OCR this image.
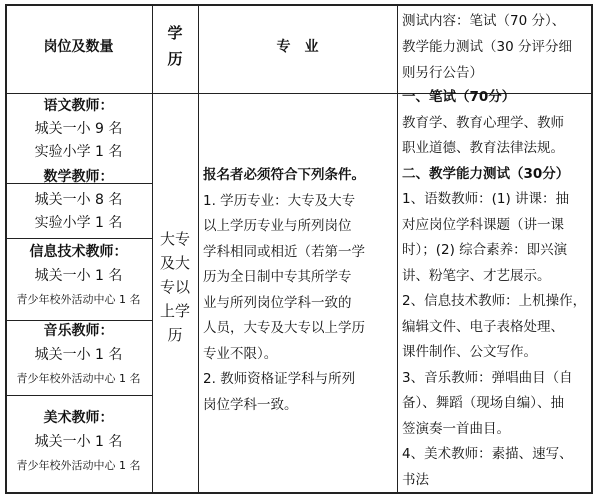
岗位及数量
学
历
专　业
测试内容：笔试（70 分）、
教学能力测试（30 分评分细
则另行公告）
语文教师：
城关一小 9 名
实验小学 1 名
数学教师：
城关一小 8 名
实验小学 1 名
信息技术教师：
城关一小 1 名
青少年校外活动中心 1 名
音乐教师：
城关一小 1 名
青少年校外活动中心 1 名
美术教师：
城关一小 1 名
青少年校外活动中心 1 名
大专
及大
专以
上学
历
报名者必须符合下列条件。
1. 学历专业：大专及大专
以上学历专业与所列岗位
学科相同或相近（若第一学
历为全日制中专其所学专
业与所列岗位学科一致的
人员，大专及大专以上学历
专业不限）。
2. 教师资格证学科与所列
岗位学科一致。
一、笔试（70分）
教育学、教育心理学、教师
职业道德、教育法律法规。
二、教学能力测试（30分）
1、语数教师：(1) 讲课：抽
对应岗位学科课题（讲一课
时）；(2) 综合素养：即兴演
讲、粉笔字、才艺展示。
2、信息技术教师：上机操作，
编辑文件、电子表格处理、
课件制作、公文写作。
3、音乐教师：弹唱曲目（自
备）、舞蹈（现场自编）、抽
签演奏一首曲目。
4、美术教师：素描、速写、
书法
